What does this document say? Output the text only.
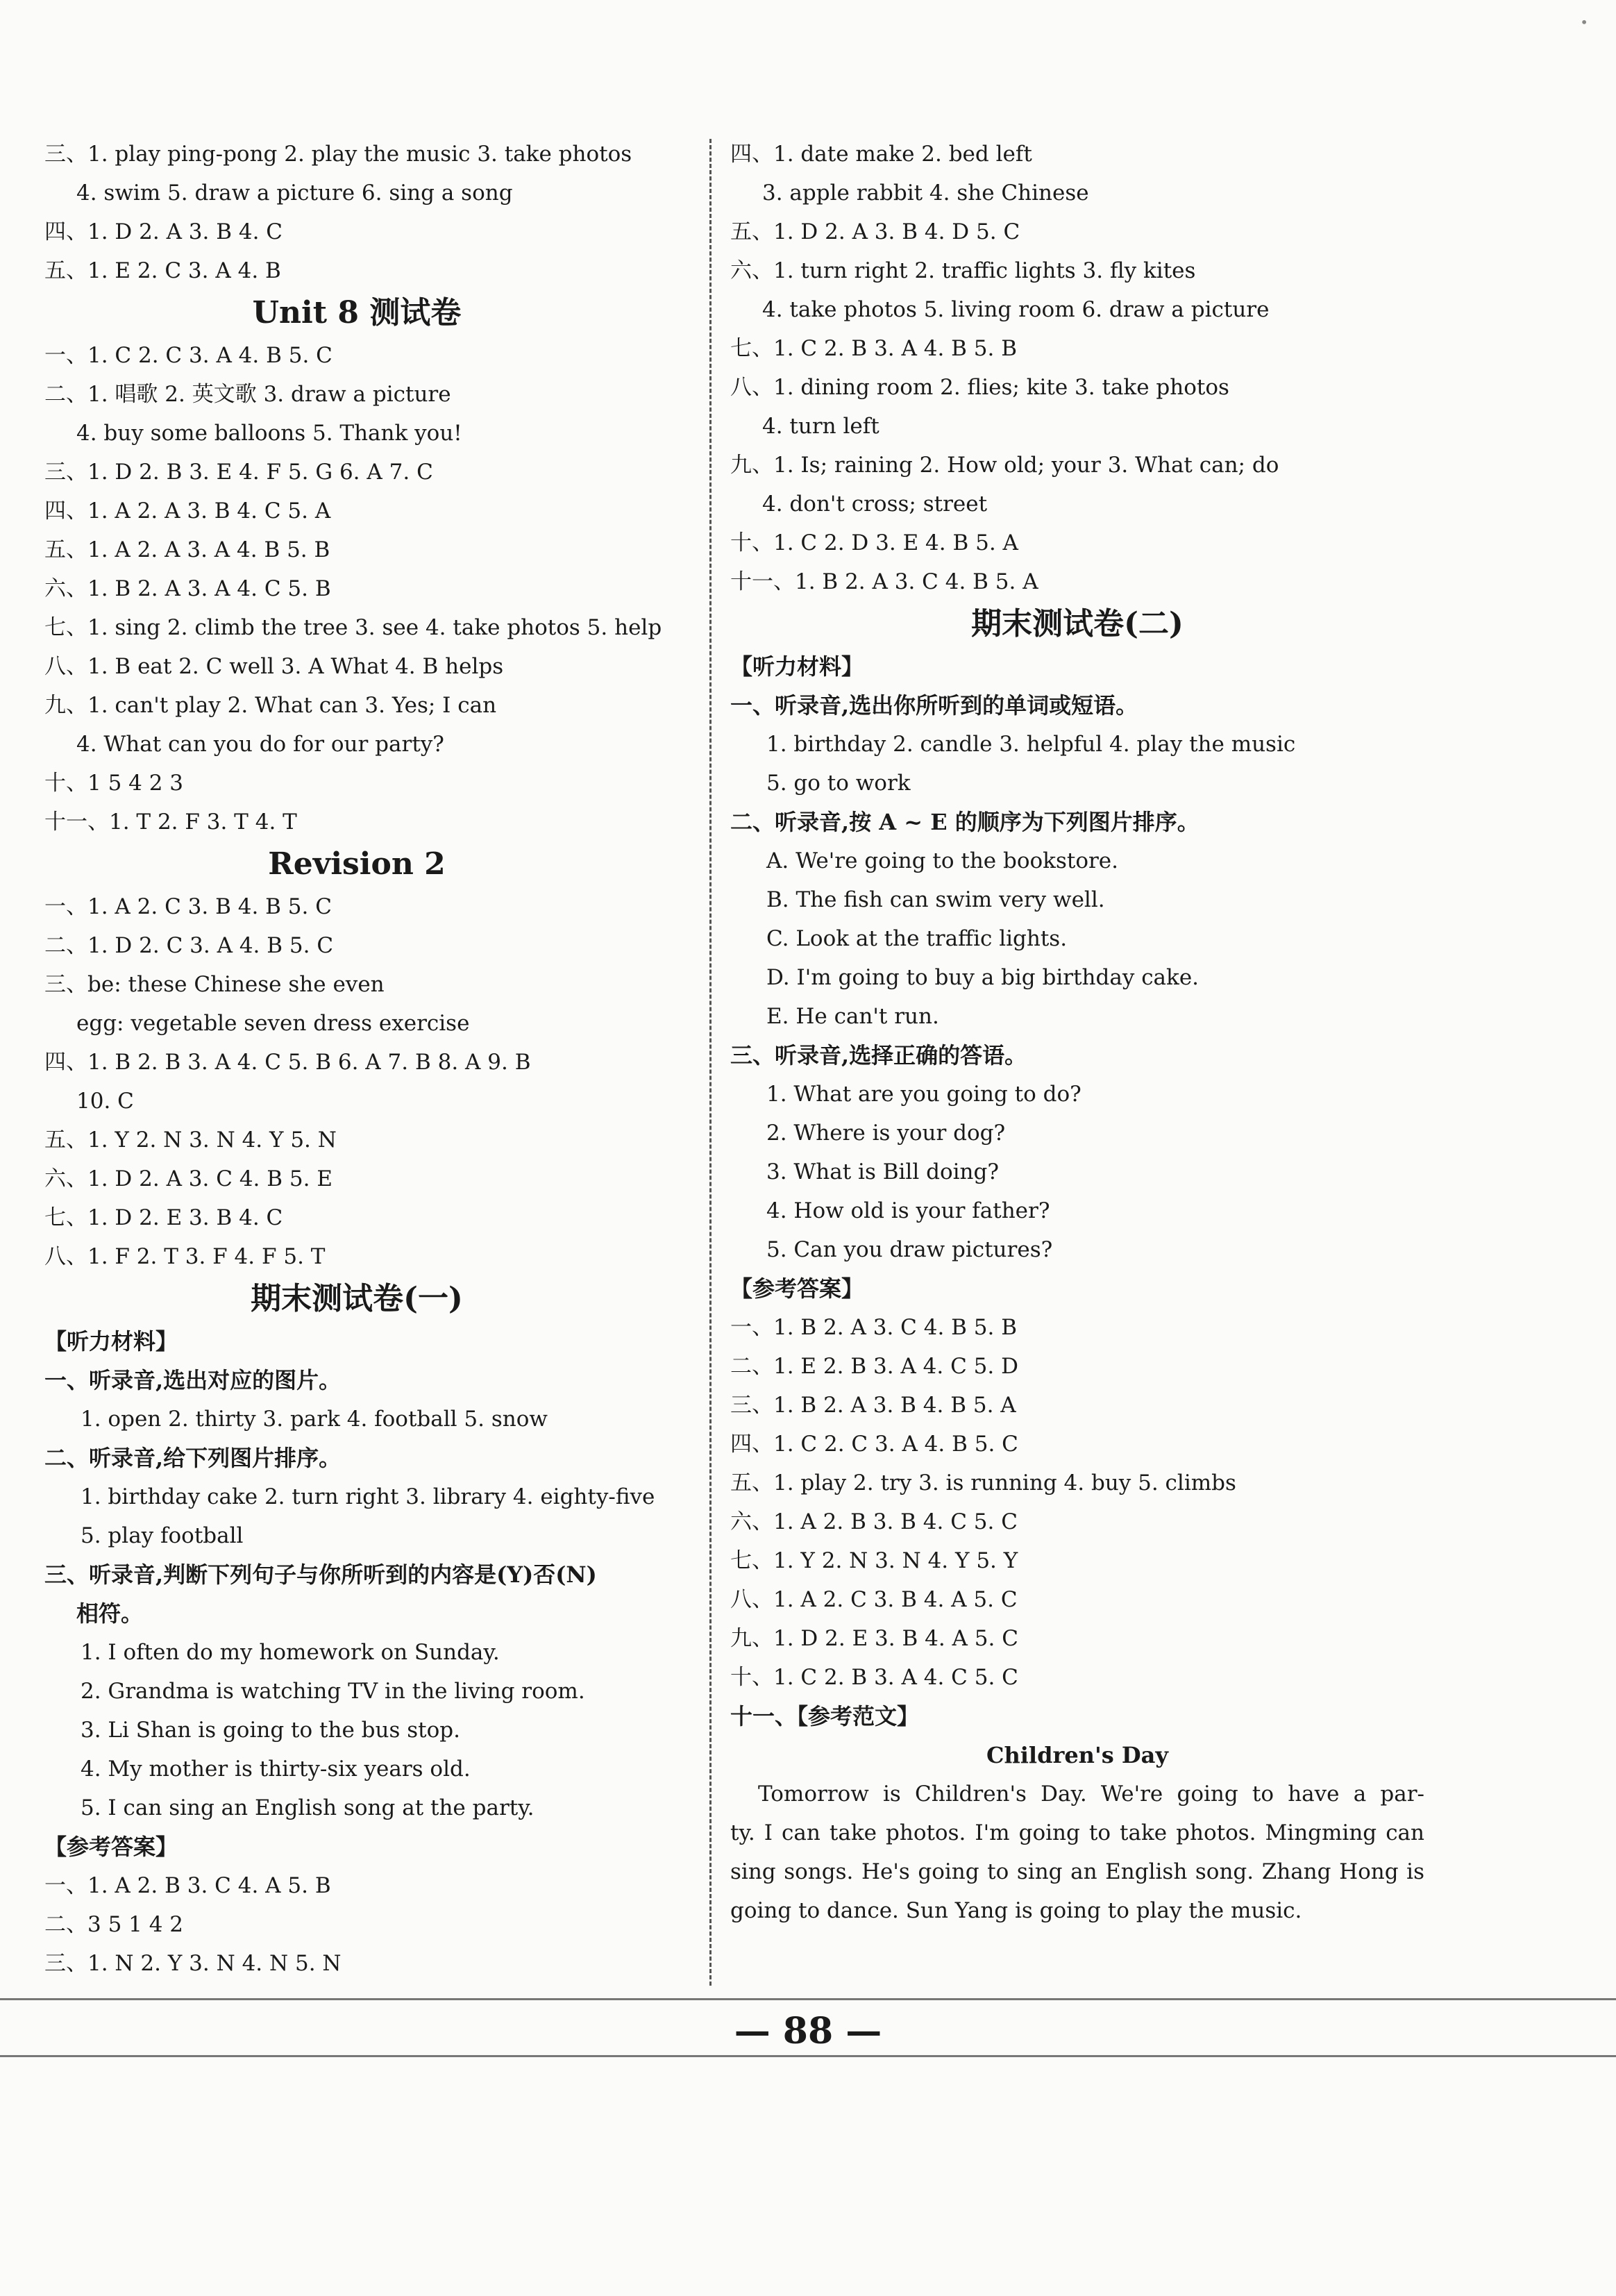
•
三、1. play ping-pong 2. play the music 3. take photos
4. swim 5. draw a picture 6. sing a song
四、1. D 2. A 3. B 4. C
五、1. E 2. C 3. A 4. B
Unit 8 测试卷
一、1. C 2. C 3. A 4. B 5. C
二、1. 唱歌 2. 英文歌 3. draw a picture
4. buy some balloons 5. Thank you!
三、1. D 2. B 3. E 4. F 5. G 6. A 7. C
四、1. A 2. A 3. B 4. C 5. A
五、1. A 2. A 3. A 4. B 5. B
六、1. B 2. A 3. A 4. C 5. B
七、1. sing 2. climb the tree 3. see 4. take photos 5. help
八、1. B eat 2. C well 3. A What 4. B helps
九、1. can't play 2. What can 3. Yes; I can
4. What can you do for our party?
十、1 5 4 2 3
十一、1. T 2. F 3. T 4. T
Revision 2
一、1. A 2. C 3. B 4. B 5. C
二、1. D 2. C 3. A 4. B 5. C
三、be: these Chinese she even
egg: vegetable seven dress exercise
四、1. B 2. B 3. A 4. C 5. B 6. A 7. B 8. A 9. B
10. C
五、1. Y 2. N 3. N 4. Y 5. N
六、1. D 2. A 3. C 4. B 5. E
七、1. D 2. E 3. B 4. C
八、1. F 2. T 3. F 4. F 5. T
期末测试卷(一)
【听力材料】
一、听录音,选出对应的图片。
1. open 2. thirty 3. park 4. football 5. snow
二、听录音,给下列图片排序。
1. birthday cake 2. turn right 3. library 4. eighty-five
5. play football
三、听录音,判断下列句子与你所听到的内容是(Y)否(N)
相符。
1. I often do my homework on Sunday.
2. Grandma is watching TV in the living room.
3. Li Shan is going to the bus stop.
4. My mother is thirty-six years old.
5. I can sing an English song at the party.
【参考答案】
一、1. A 2. B 3. C 4. A 5. B
二、3 5 1 4 2
三、1. N 2. Y 3. N 4. N 5. N
四、1. date make 2. bed left
3. apple rabbit 4. she Chinese
五、1. D 2. A 3. B 4. D 5. C
六、1. turn right 2. traffic lights 3. fly kites
4. take photos 5. living room 6. draw a picture
七、1. C 2. B 3. A 4. B 5. B
八、1. dining room 2. flies; kite 3. take photos
4. turn left
九、1. Is; raining 2. How old; your 3. What can; do
4. don't cross; street
十、1. C 2. D 3. E 4. B 5. A
十一、1. B 2. A 3. C 4. B 5. A
期末测试卷(二)
【听力材料】
一、听录音,选出你所听到的单词或短语。
1. birthday 2. candle 3. helpful 4. play the music
5. go to work
二、听录音,按 A ~ E 的顺序为下列图片排序。
A. We're going to the bookstore.
B. The fish can swim very well.
C. Look at the traffic lights.
D. I'm going to buy a big birthday cake.
E. He can't run.
三、听录音,选择正确的答语。
1. What are you going to do?
2. Where is your dog?
3. What is Bill doing?
4. How old is your father?
5. Can you draw pictures?
【参考答案】
一、1. B 2. A 3. C 4. B 5. B
二、1. E 2. B 3. A 4. C 5. D
三、1. B 2. A 3. B 4. B 5. A
四、1. C 2. C 3. A 4. B 5. C
五、1. play 2. try 3. is running 4. buy 5. climbs
六、1. A 2. B 3. B 4. C 5. C
七、1. Y 2. N 3. N 4. Y 5. Y
八、1. A 2. C 3. B 4. A 5. C
九、1. D 2. E 3. B 4. A 5. C
十、1. C 2. B 3. A 4. C 5. C
十一、【参考范文】
Children's Day
Tomorrow is Children's Day. We're going to have a par-
ty. I can take photos. I'm going to take photos. Mingming can
sing songs. He's going to sing an English song. Zhang Hong is
going to dance. Sun Yang is going to play the music.
— 88 —
